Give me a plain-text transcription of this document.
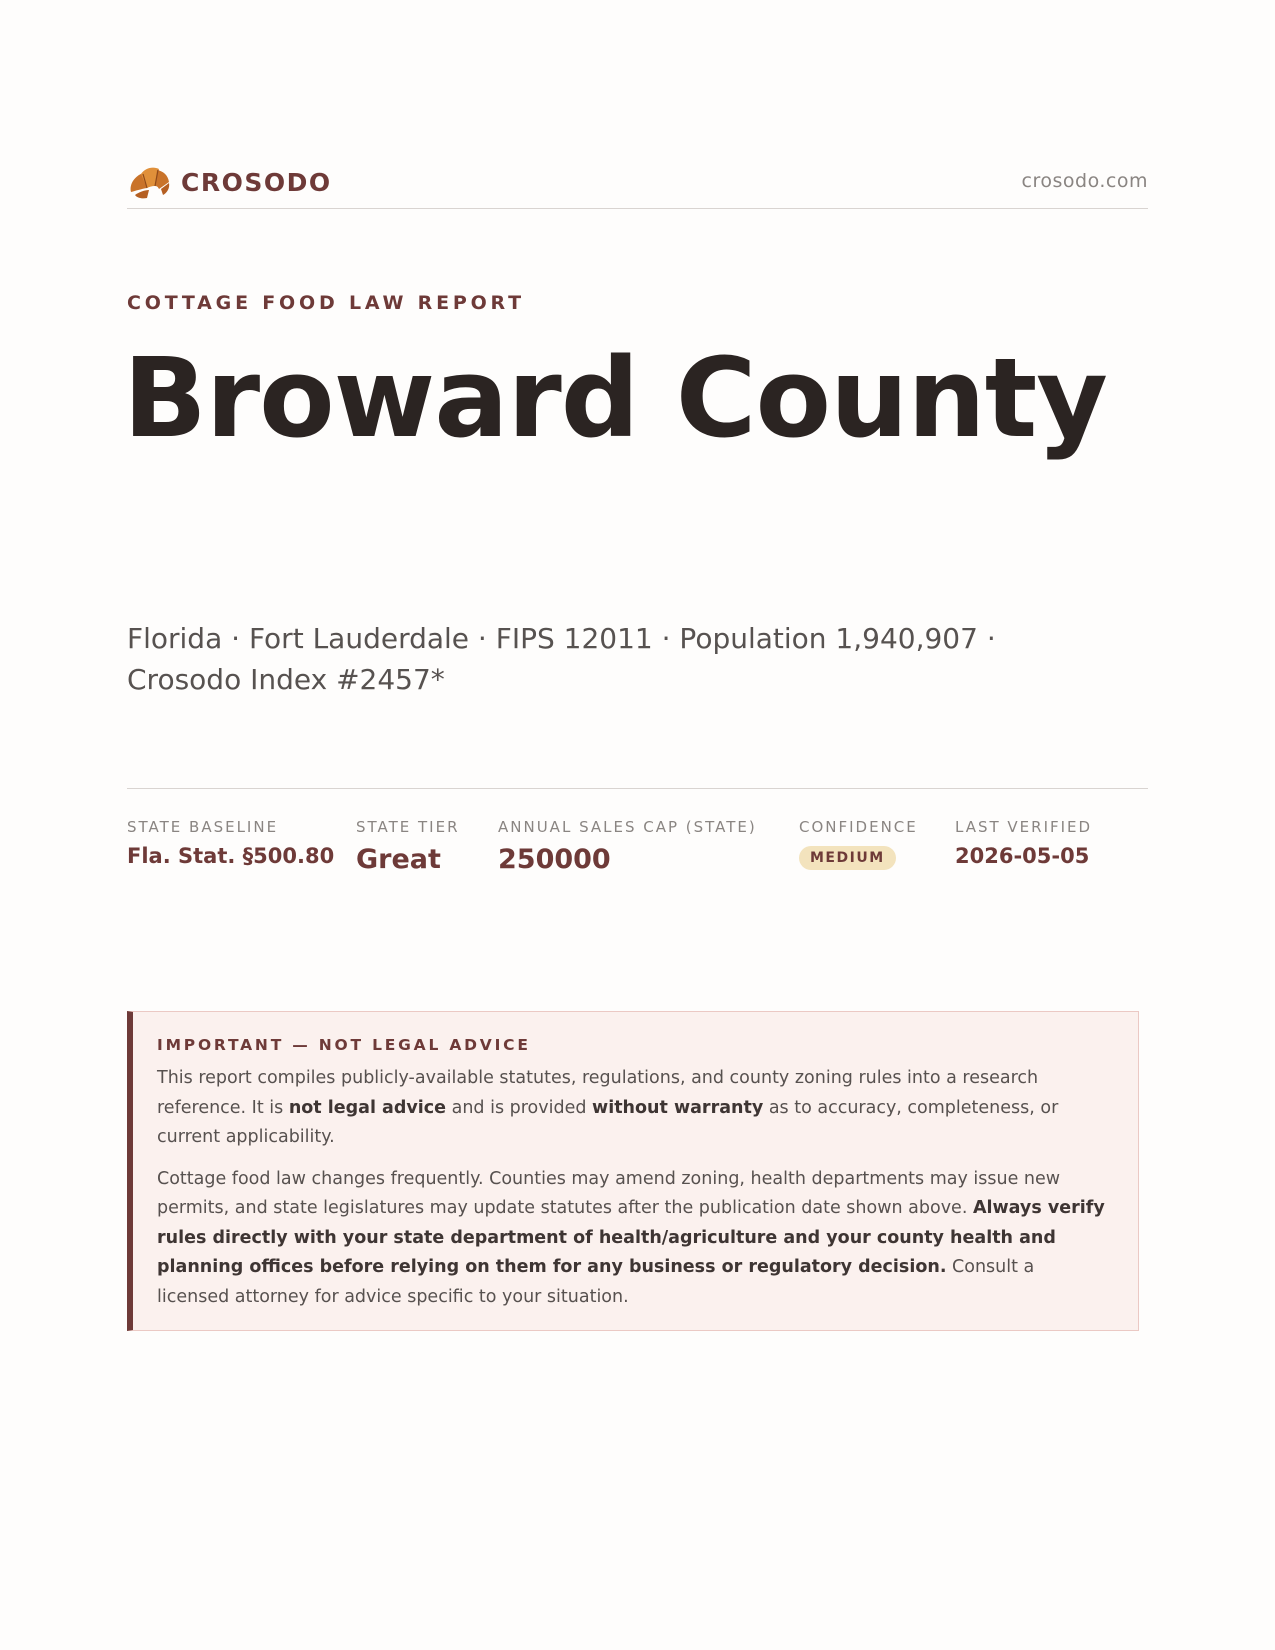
CROSODO	crosodo.com
COTTAGE FOOD LAW REPORT
Broward County
Florida · Fort Lauderdale · FIPS 12011 · Population 1,940,907 ·
Crosodo Index #2457*
STATE BASELINE
Fla. Stat. §500.80
STATE TIER
Great
ANNUAL SALES CAP (STATE)
250000
CONFIDENCE
MEDIUM
LAST VERIFIED
2026-05-05
IMPORTANT — NOT LEGAL ADVICE

This report compiles publicly-available statutes, regulations, and county zoning rules into a research reference. It is not legal advice and is provided without warranty as to accuracy, completeness, or current applicability.

Cottage food law changes frequently. Counties may amend zoning, health departments may issue new permits, and state legislatures may update statutes after the publication date shown above. Always verify rules directly with your state department of health/agriculture and your county health and planning offices before relying on them for any business or regulatory decision. Consult a licensed attorney for advice specific to your situation.
